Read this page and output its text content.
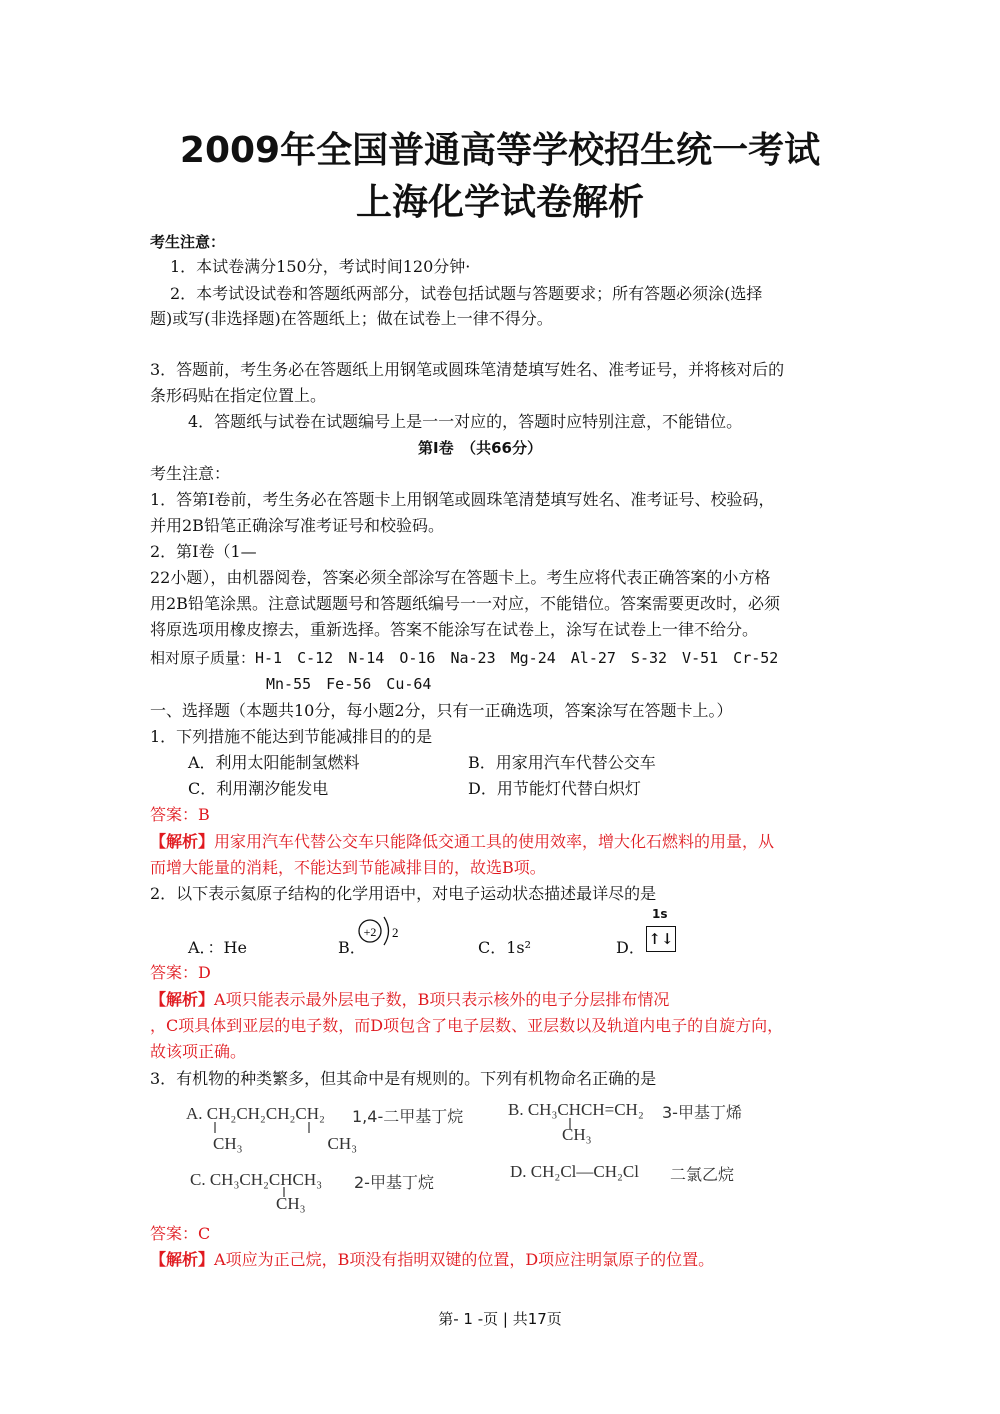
2009年全国普通高等学校招生统一考试
上海化学试卷解析
考生注意：
1．本试卷满分150分，考试时间120分钟·
2．本考试设试卷和答题纸两部分，试卷包括试题与答题要求；所有答题必须涂(选择
题)或写(非选择题)在答题纸上；做在试卷上一律不得分。
3．答题前，考生务必在答题纸上用钢笔或圆珠笔清楚填写姓名、准考证号，并将核对后的
条形码贴在指定位置上。
4．答题纸与试卷在试题编号上是一一对应的，答题时应特别注意，不能错位。
第Ⅰ卷　（共66分）
考生注意：
1．答第Ⅰ卷前，考生务必在答题卡上用钢笔或圆珠笔清楚填写姓名、准考证号、校验码，
并用2B铅笔正确涂写准考证号和校验码。
2．第Ⅰ卷（1—
22小题），由机器阅卷，答案必须全部涂写在答题卡上。考生应将代表正确答案的小方格
用2B铅笔涂黑。注意试题题号和答题纸编号一一对应，不能错位。答案需要更改时，必须
将原选项用橡皮擦去，重新选择。答案不能涂写在试卷上，涂写在试卷上一律不给分。
相对原子质量：H-1　C-12　N-14　O-16　Na-23　Mg-24　Al-27　S-32　V-51　Cr-52
Mn-55　Fe-56　Cu-64
一、选择题（本题共10分，每小题2分，只有一正确选项，答案涂写在答题卡上。）
1．下列措施不能达到节能减排目的的是
A．利用太阳能制氢燃料	B．用家用汽车代替公交车
C．利用潮汐能发电	D．用节能灯代替白炽灯
答案：B
【解析】用家用汽车代替公交车只能降低交通工具的使用效率，增大化石燃料的用量，从
而增大能量的消耗，不能达到节能减排目的，故选B项。
2．以下表示氦原子结构的化学用语中，对电子运动状态描述最详尽的是
A．：He	B．
+2 2
C．1s²	D．
1s
↑↓
答案：D
【解析】A项只能表示最外层电子数，B项只表示核外的电子分层排布情况
，C项具体到亚层的电子数，而D项包含了电子层数、亚层数以及轨道内电子的自旋方向，
故该项正确。
3．有机物的种类繁多，但其命中是有规则的。下列有机物命名正确的是
A. CH₂CH₂CH₂CH₂
CH₃　　　　　CH₃
1,4-二甲基丁烷	B. CH₃CHCH=CH₂
CH₃
3-甲基丁烯
C. CH₃CH₂CHCH₃
CH₃
2-甲基丁烷
D. CH₂Cl—CH₂Cl 二氯乙烷
答案：C
【解析】A项应为正己烷，B项没有指明双键的位置，D项应注明氯原子的位置。
第- 1 -页 | 共17页
